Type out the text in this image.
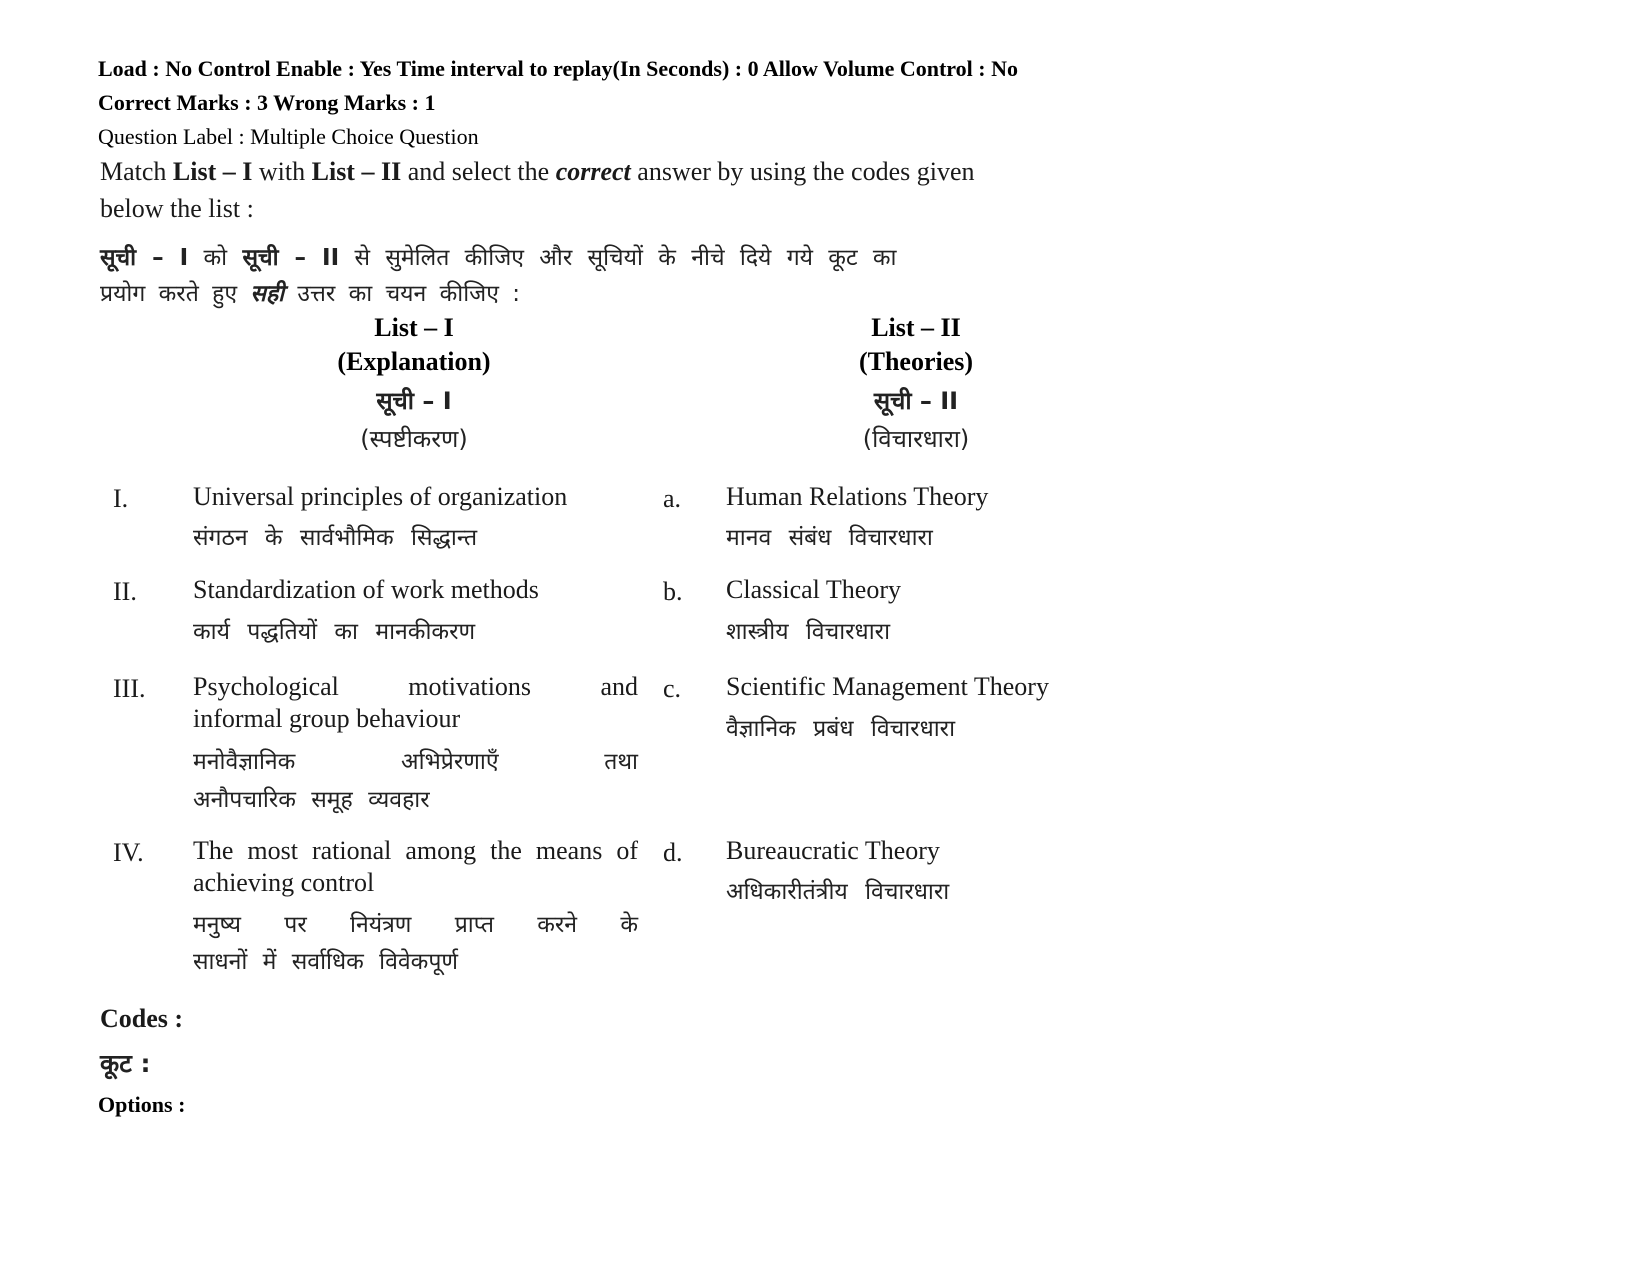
Load : No Control Enable : Yes Time interval to replay(In Seconds) : 0 Allow Volume Control : No
Correct Marks : 3 Wrong Marks : 1
Question Label : Multiple Choice Question
Match List – I with List – II and select the correct answer by using the codes given
below the list :
सूची – I को सूची – II से सुमेलित कीजिए और सूचियों के नीचे दिये गये कूट का
प्रयोग करते हुए सही उत्तर का चयन कीजिए :
List – I
(Explanation)
सूची – I
(स्पष्टीकरण)
List – II
(Theories)
सूची – II
(विचारधारा)
I. Universal principles of organization
संगठन के सार्वभौमिक सिद्धान्त
a. Human Relations Theory
मानव संबंध विचारधारा
II. Standardization of work methods
कार्य पद्धतियों का मानकीकरण
b. Classical Theory
शास्त्रीय विचारधारा
III. Psychological motivations and
informal group behaviour
मनोवैज्ञानिक अभिप्रेरणाएँ तथा
अनौपचारिक समूह व्यवहार
c. Scientific Management Theory
वैज्ञानिक प्रबंध विचारधारा
IV. The most rational among the means of
achieving control
मनुष्य पर नियंत्रण प्राप्त करने के
साधनों में सर्वाधिक विवेकपूर्ण
d. Bureaucratic Theory
अधिकारीतंत्रीय विचारधारा
Codes :
कूट :
Options :
